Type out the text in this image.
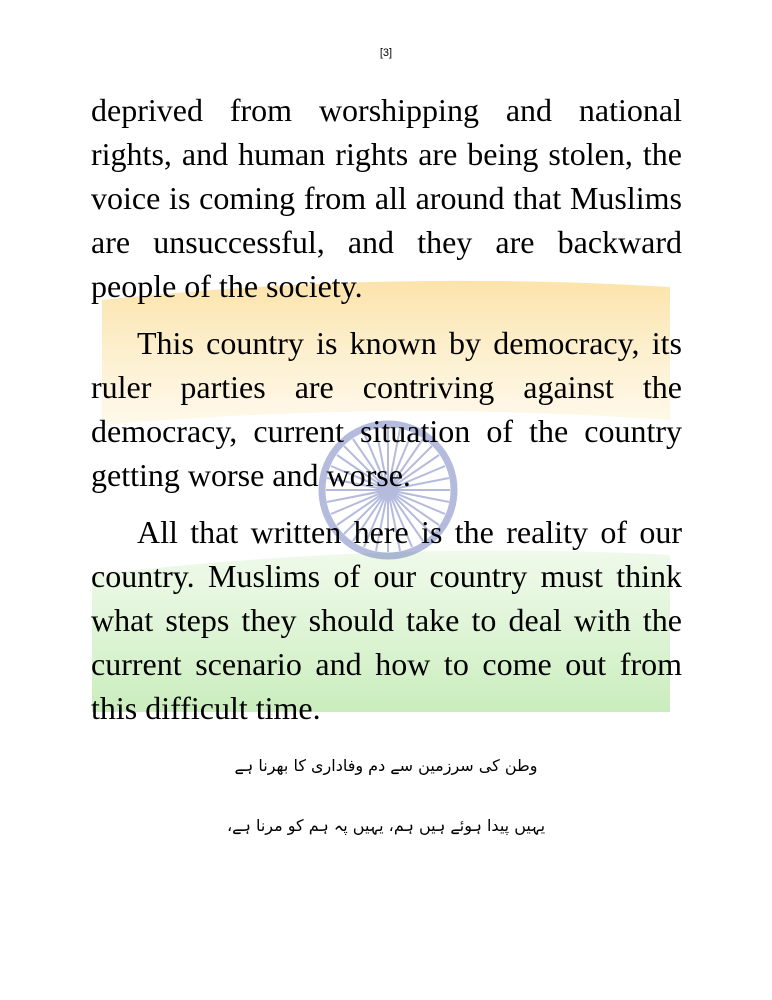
[3]

deprived from worshipping and national rights, and human rights are being stolen, the voice is coming from all around that Muslims are unsuccessful, and they are backward people of the society.

This country is known by democracy, its ruler parties are contriving against the democracy, current situation of the country getting worse and worse.

All that written here is the reality of our country. Muslims of our country must think what steps they should take to deal with the current scenario and how to come out from this difficult time.

وطن کی سرزمین سے دم وفاداری کا بھرنا ہے
یہیں پیدا ہوئے ہیں ہم، یہیں پہ ہم کو مرنا ہے،
